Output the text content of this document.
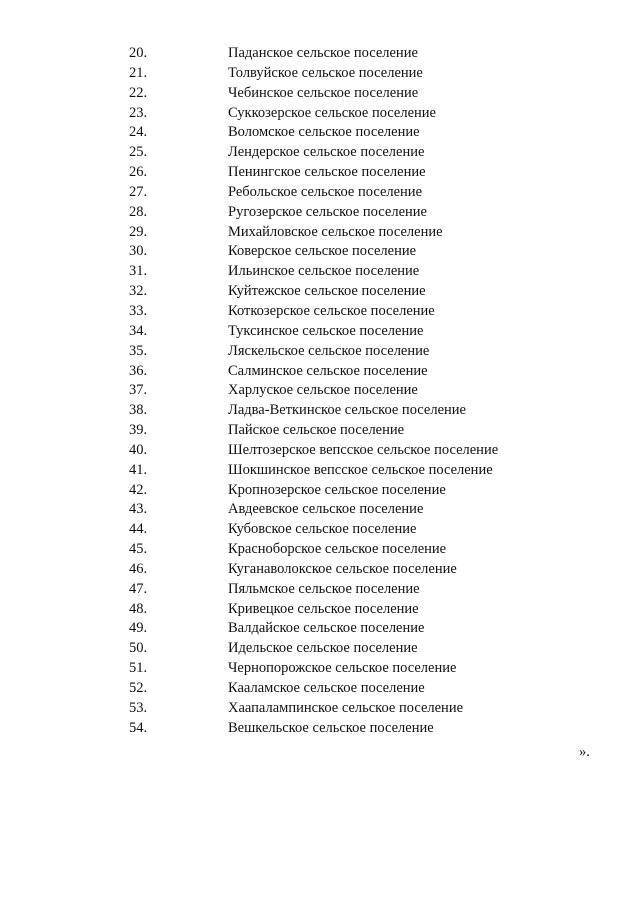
20.	Паданское сельское поселение
21.	Толвуйское сельское поселение
22.	Чебинское сельское поселение
23.	Суккозерское сельское поселение
24.	Воломское сельское поселение
25.	Лендерское сельское поселение
26.	Пенингское сельское поселение
27.	Ребольское сельское поселение
28.	Ругозерское сельское поселение
29.	Михайловское сельское поселение
30.	Коверское сельское поселение
31.	Ильинское сельское поселение
32.	Куйтежское сельское поселение
33.	Коткозерское сельское поселение
34.	Туксинское сельское поселение
35.	Ляскельское сельское поселение
36.	Салминское сельское поселение
37.	Харлуское сельское поселение
38.	Ладва-Веткинское сельское поселение
39.	Пайское сельское поселение
40.	Шелтозерское вепсское сельское поселение
41.	Шокшинское вепсское сельское поселение
42.	Кропнозерское сельское поселение
43.	Авдеевское сельское поселение
44.	Кубовское сельское поселение
45.	Красноборское сельское поселение
46.	Куганаволокское сельское поселение
47.	Пяльмское сельское поселение
48.	Кривецкое сельское поселение
49.	Валдайское сельское поселение
50.	Идельское сельское поселение
51.	Чернопорожское сельское поселение
52.	Кааламское сельское поселение
53.	Хаапалампинское сельское поселение
54.	Вешкельское сельское поселение
».
